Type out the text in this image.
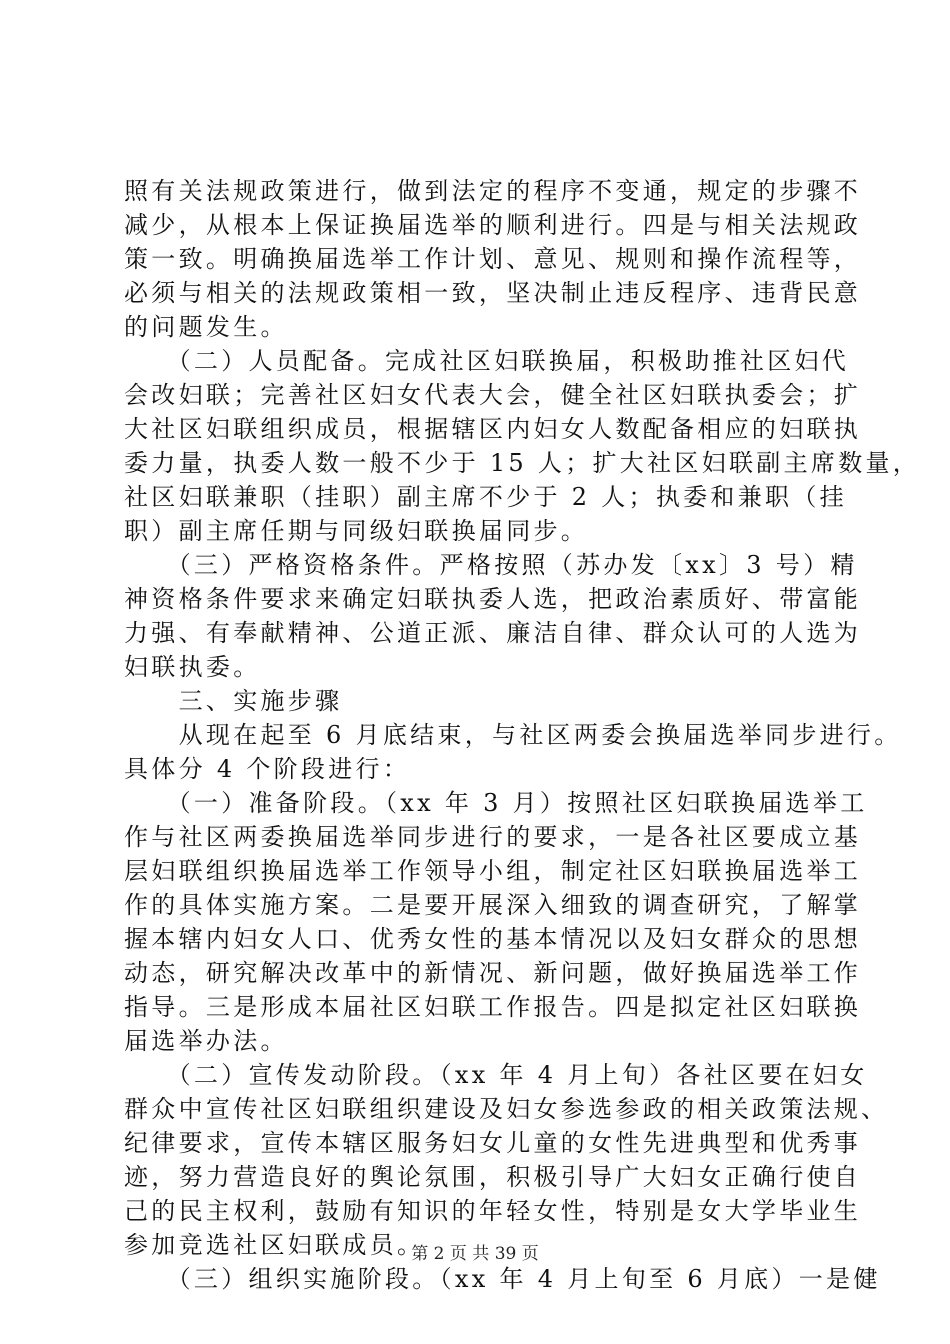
照有关法规政策进行，做到法定的程序不变通，规定的步骤不
减少，从根本上保证换届选举的顺利进行。四是与相关法规政
策一致。明确换届选举工作计划、意见、规则和操作流程等，
必须与相关的法规政策相一致，坚决制止违反程序、违背民意
的问题发生。
　　（二）人员配备。完成社区妇联换届，积极助推社区妇代
会改妇联；完善社区妇女代表大会，健全社区妇联执委会；扩
大社区妇联组织成员，根据辖区内妇女人数配备相应的妇联执
委力量，执委人数一般不少于 15 人；扩大社区妇联副主席数量，
社区妇联兼职（挂职）副主席不少于 2 人；执委和兼职（挂
职）副主席任期与同级妇联换届同步。
　　（三）严格资格条件。严格按照（苏办发〔xx〕3 号）精
神资格条件要求来确定妇联执委人选，把政治素质好、带富能
力强、有奉献精神、公道正派、廉洁自律、群众认可的人选为
妇联执委。
　　三、实施步骤
　　从现在起至 6 月底结束，与社区两委会换届选举同步进行。
具体分 4 个阶段进行：
　　（一）准备阶段。（xx 年 3 月）按照社区妇联换届选举工
作与社区两委换届选举同步进行的要求，一是各社区要成立基
层妇联组织换届选举工作领导小组，制定社区妇联换届选举工
作的具体实施方案。二是要开展深入细致的调查研究，了解掌
握本辖内妇女人口、优秀女性的基本情况以及妇女群众的思想
动态，研究解决改革中的新情况、新问题，做好换届选举工作
指导。三是形成本届社区妇联工作报告。四是拟定社区妇联换
届选举办法。
　　（二）宣传发动阶段。（xx 年 4 月上旬）各社区要在妇女
群众中宣传社区妇联组织建设及妇女参选参政的相关政策法规、
纪律要求，宣传本辖区服务妇女儿童的女性先进典型和优秀事
迹，努力营造良好的舆论氛围，积极引导广大妇女正确行使自
己的民主权利，鼓励有知识的年轻女性，特别是女大学毕业生
参加竞选社区妇联成员。
　　（三）组织实施阶段。（xx 年 4 月上旬至 6 月底）一是健
第 2 页 共 39 页
